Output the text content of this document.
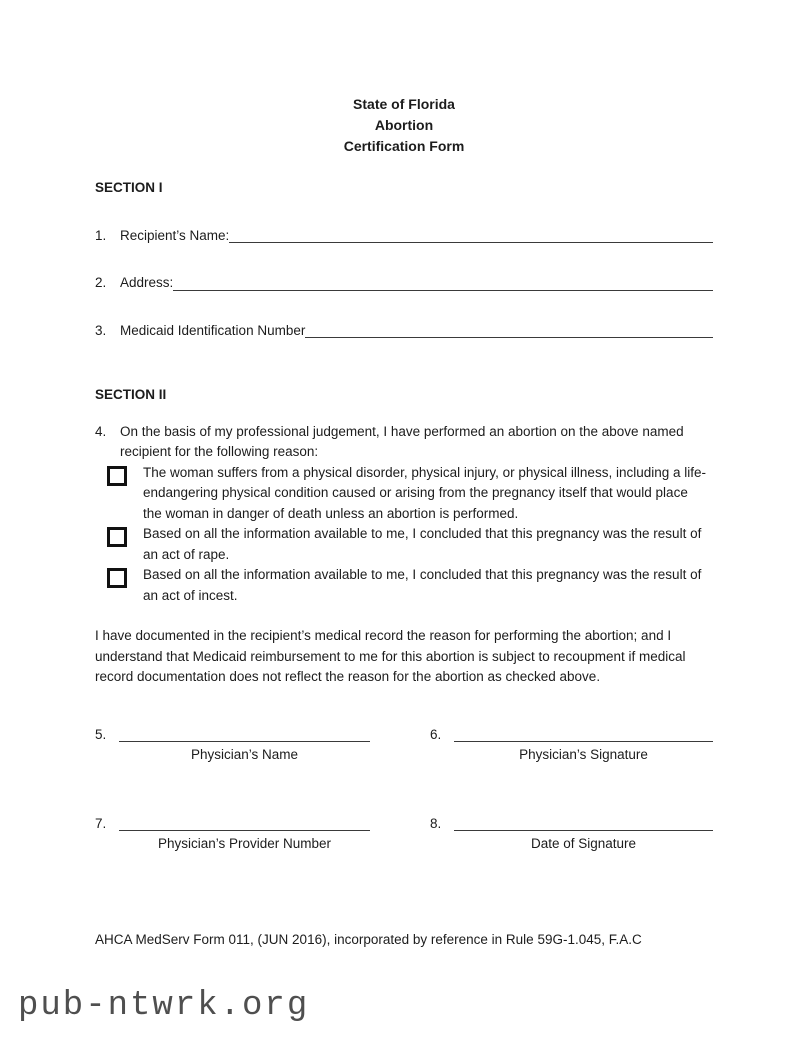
State of Florida
Abortion
Certification Form
SECTION I
1.	Recipient’s Name:
2.	Address:
3.	Medicaid Identification Number
SECTION II
4.	On the basis of my professional judgement, I have performed an abortion on the above named recipient for the following reason:
The woman suffers from a physical disorder, physical injury, or physical illness, including a life-endangering physical condition caused or arising from the pregnancy itself that would place the woman in danger of death unless an abortion is performed.
Based on all the information available to me, I concluded that this pregnancy was the result of an act of rape.
Based on all the information available to me, I concluded that this pregnancy was the result of an act of incest.
I have documented in the recipient’s medical record the reason for performing the abortion; and I understand that Medicaid reimbursement to me for this abortion is subject to recoupment if medical record documentation does not reflect the reason for the abortion as checked above.
5.
Physician’s Name
6.
Physician’s Signature
7.
Physician’s Provider Number
8.
Date of Signature
AHCA MedServ Form 011, (JUN 2016), incorporated by reference in Rule 59G-1.045, F.A.C
pub-ntwrk.org
